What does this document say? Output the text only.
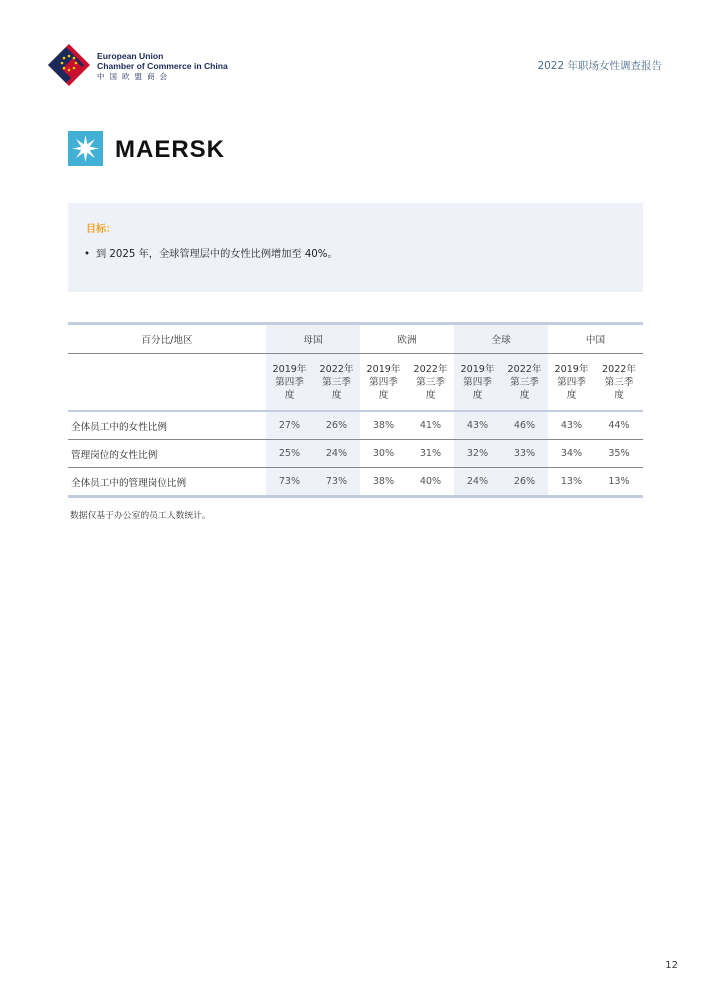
European Union
Chamber of Commerce in China
中国欧盟商会
2022 年职场女性调查报告
MAERSK
目标：
• 到 2025 年，全球管理层中的女性比例增加至 40%。

百分比/地区	母国		欧洲		全球		中国	

	2019年
第四季
度	2022年
第三季
度	2019年
第四季
度	2022年
第三季
度	2019年
第四季
度	2022年
第三季
度	2019年
第四季
度	2022年
第三季
度

全体员工中的女性比例	27%	26%	38%	41%	43%	46%	43%	44%
管理岗位的女性比例	25%	24%	30%	31%	32%	33%	34%	35%
全体员工中的管理岗位比例	73%	73%	38%	40%	24%	26%	13%	13%

数据仅基于办公室的员工人数统计。
12
